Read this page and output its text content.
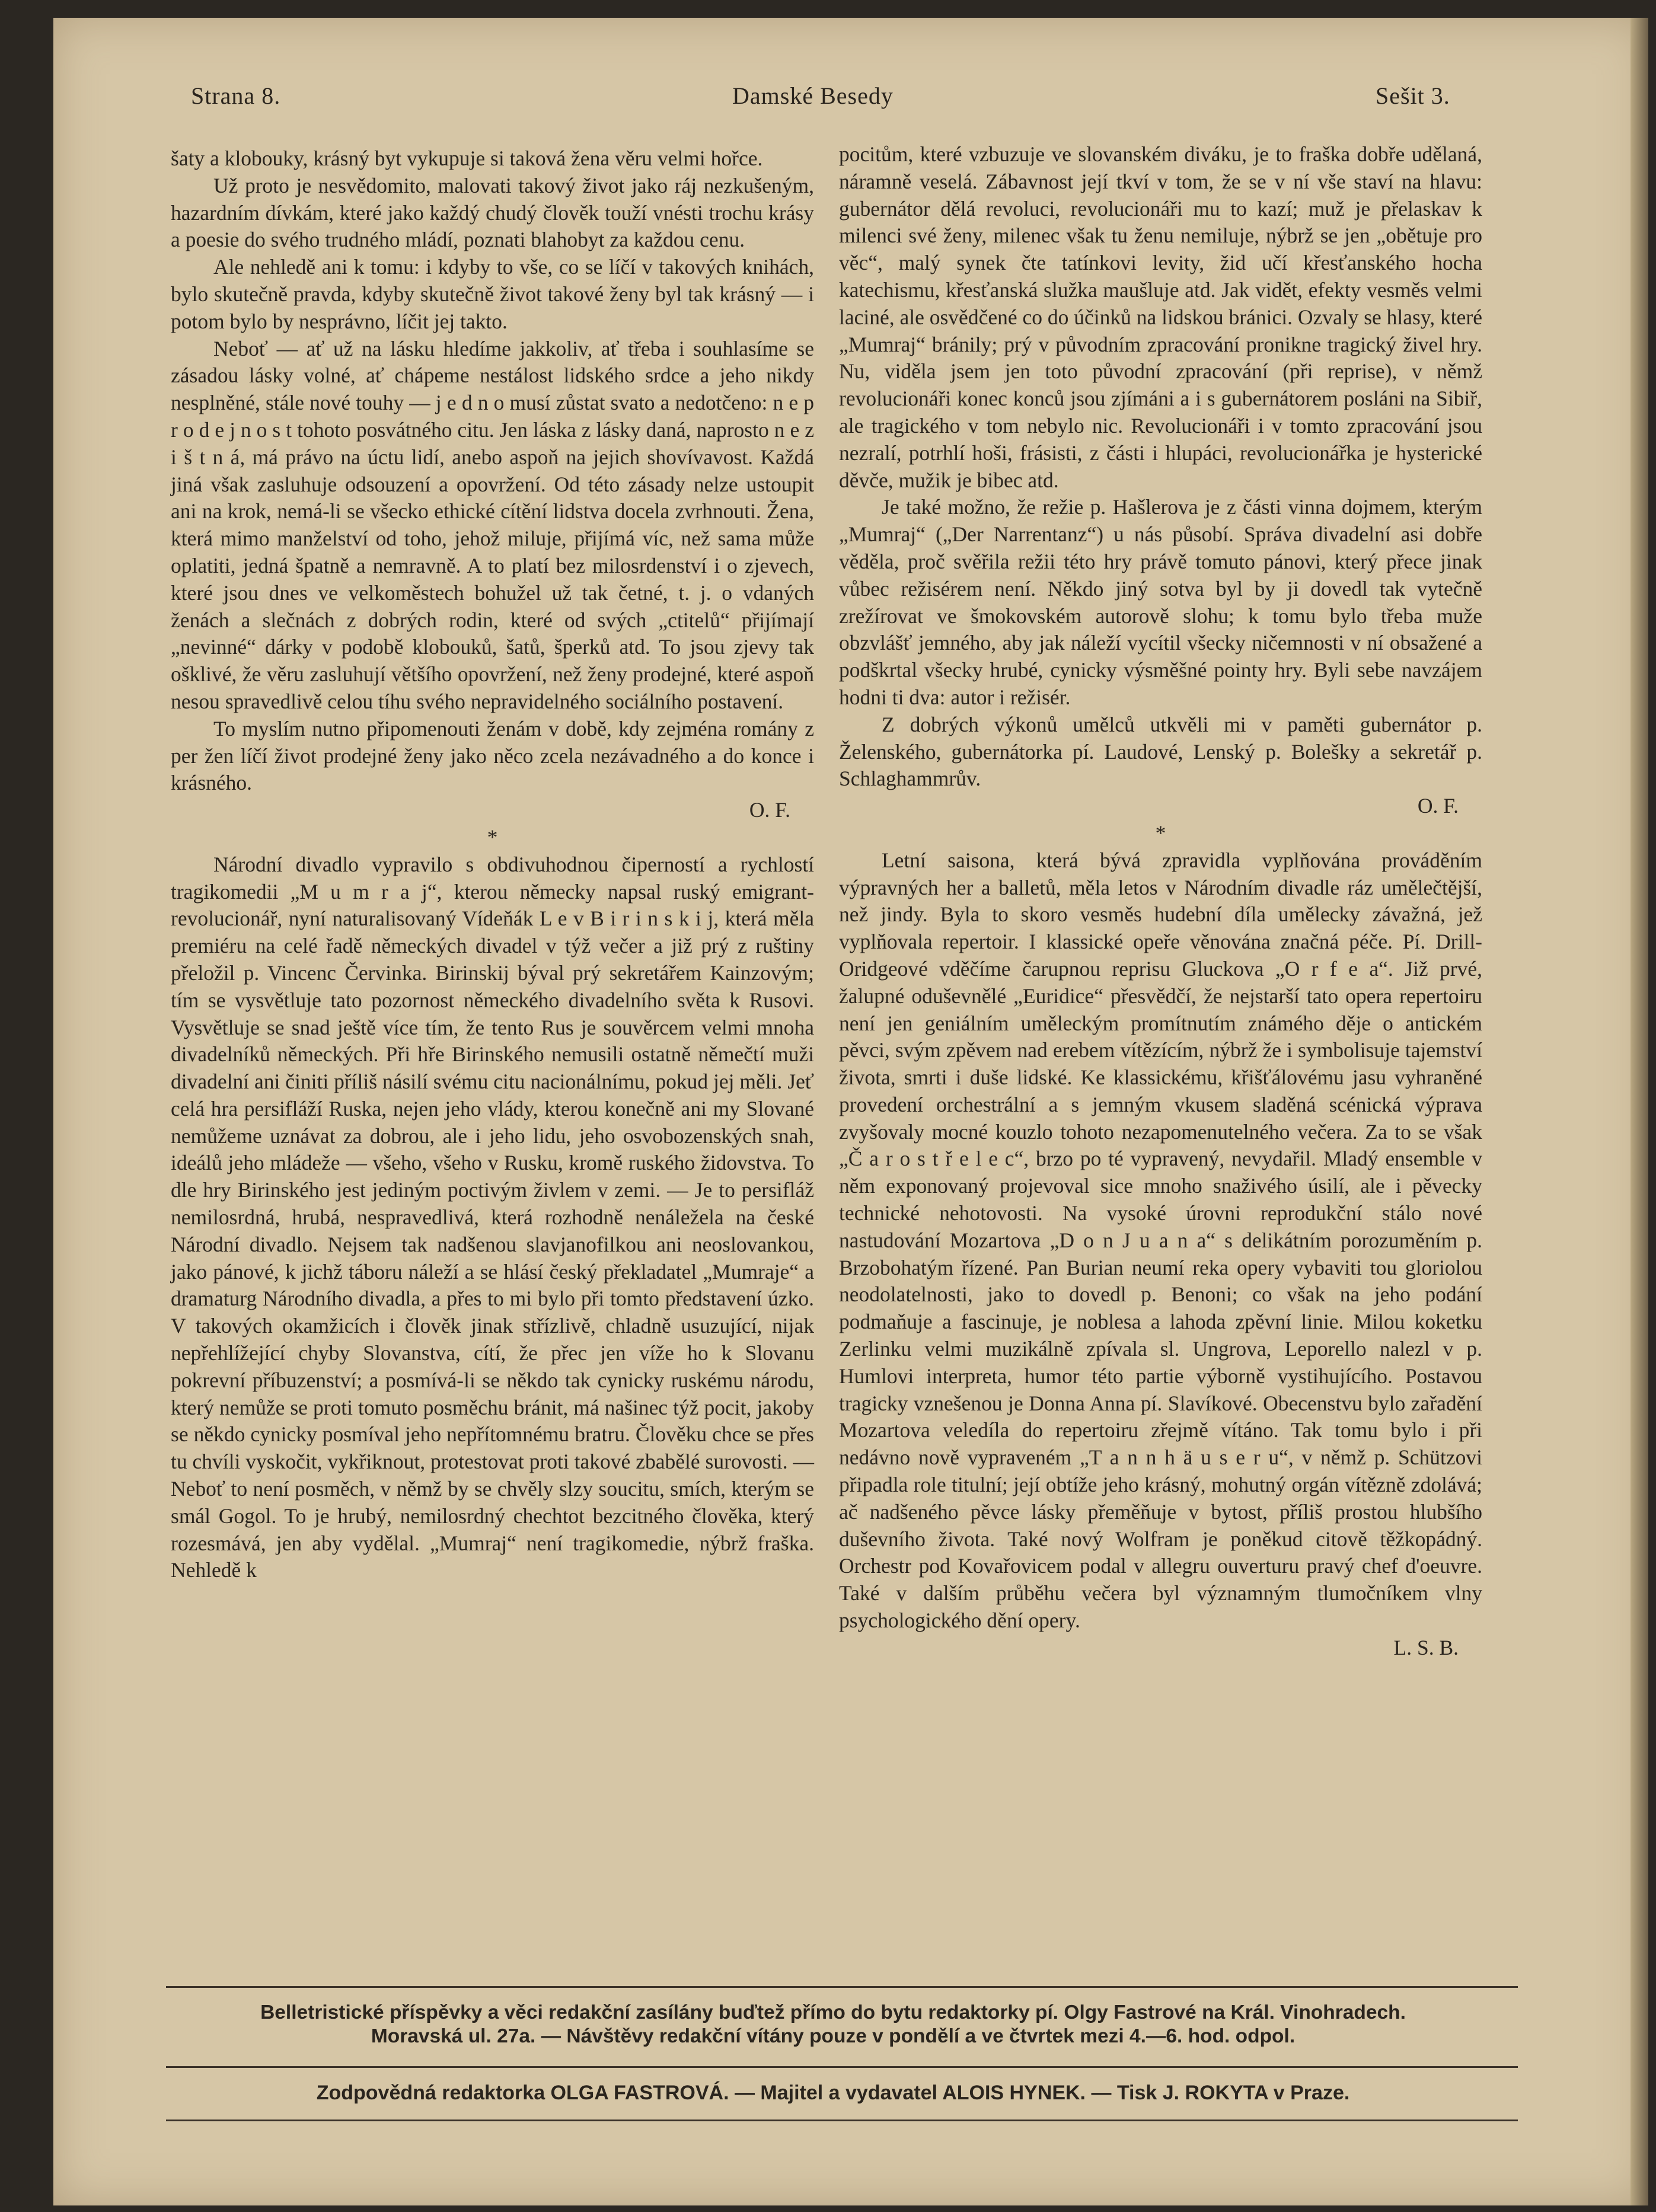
Strana 8.	Damské Besedy	Sešit 3.

šaty a klobouky, krásný byt vykupuje si taková žena věru velmi hořce.

Už proto je nesvědomito, malovati takový život jako ráj nezkušeným, hazardním dívkám, které jako každý chudý člověk touží vnésti trochu krásy a poesie do svého trudného mládí, poznati blahobyt za každou cenu.

Ale nehledě ani k tomu: i kdyby to vše, co se líčí v takových knihách, bylo skutečně pravda, kdyby skutečně život takové ženy byl tak krásný — i potom bylo by nesprávno, líčit jej takto.

Neboť — ať už na lásku hledíme jakkoliv, ať třeba i souhlasíme se zásadou lásky volné, ať chápeme nestálost lidského srdce a jeho nikdy nesplněné, stále nové touhy — j e d n o musí zůstat svato a nedotčeno: n e p r o d e j n o s t tohoto posvátného citu. Jen láska z lásky daná, naprosto n e z i š t n á, má právo na úctu lidí, anebo aspoň na jejich shovívavost. Každá jiná však zasluhuje odsouzení a opovržení. Od této zásady nelze ustoupit ani na krok, nemá-li se všecko ethické cítění lidstva docela zvrhnouti. Žena, která mimo manželství od toho, jehož miluje, přijímá víc, než sama může oplatiti, jedná špatně a nemravně. A to platí bez milosrdenství i o zjevech, které jsou dnes ve velkoměstech bohužel už tak četné, t. j. o vdaných ženách a slečnách z dobrých rodin, které od svých „ctitelů“ přijímají „nevinné“ dárky v podobě klobouků, šatů, šperků atd. To jsou zjevy tak ošklivé, že věru zasluhují většího opovržení, než ženy prodejné, které aspoň nesou spravedlivě celou tíhu svého nepravidelného sociálního postavení.

To myslím nutno připomenouti ženám v době, kdy zejména romány z per žen líčí život prodejné ženy jako něco zcela nezávadného a do konce i krásného.

O. F.

*

Národní divadlo vypravilo s obdivuhodnou čiperností a rychlostí tragikomedii „M u m r a j“, kterou německy napsal ruský emigrant-revolucionář, nyní naturalisovaný Vídeňák L e v B i r i n s k i j, která měla premiéru na celé řadě německých divadel v týž večer a již prý z ruštiny přeložil p. Vincenc Červinka. Birinskij býval prý sekretářem Kainzovým; tím se vysvětluje tato pozornost německého divadelního světa k Rusovi. Vysvětluje se snad ještě více tím, že tento Rus je souvěrcem velmi mnoha divadelníků německých. Při hře Birinského nemusili ostatně němečtí muži divadelní ani činiti příliš násilí svému citu nacionálnímu, pokud jej měli. Jeť celá hra persifláží Ruska, nejen jeho vlády, kterou konečně ani my Slované nemůžeme uznávat za dobrou, ale i jeho lidu, jeho osvobozenských snah, ideálů jeho mládeže — všeho, všeho v Rusku, kromě ruského židovstva. To dle hry Birinského jest jediným poctivým živlem v zemi. — Je to persifláž nemilosrdná, hrubá, nespravedlivá, která rozhodně nenáležela na české Národní divadlo. Nejsem tak nadšenou slavjanofilkou ani neoslovankou, jako pánové, k jichž táboru náleží a se hlásí český překladatel „Mumraje“ a dramaturg Národního divadla, a přes to mi bylo při tomto představení úzko. V takových okamžicích i člověk jinak střízlivě, chladně usuzující, nijak nepřehlížející chyby Slovanstva, cítí, že přec jen víže ho k Slovanu pokrevní příbuzenství; a posmívá-li se někdo tak cynicky ruskému národu, který nemůže se proti tomuto posměchu bránit, má našinec týž pocit, jakoby se někdo cynicky posmíval jeho nepřítomnému bratru. Člověku chce se přes tu chvíli vyskočit, vykřiknout, protestovat proti takové zbabělé surovosti. — Neboť to není posměch, v němž by se chvěly slzy soucitu, smích, kterým se smál Gogol. To je hrubý, nemilosrdný chechtot bezcitného člověka, který rozesmává, jen aby vydělal. „Mumraj“ není tragikomedie, nýbrž fraška. Nehledě k

pocitům, které vzbuzuje ve slovanském diváku, je to fraška dobře udělaná, náramně veselá. Zábavnost její tkví v tom, že se v ní vše staví na hlavu: gubernátor dělá revoluci, revolucionáři mu to kazí; muž je přelaskav k milenci své ženy, milenec však tu ženu nemiluje, nýbrž se jen „obětuje pro věc“, malý synek čte tatínkovi levity, žid učí křesťanského hocha katechismu, křesťanská služka maušluje atd. Jak vidět, efekty vesměs velmi laciné, ale osvědčené co do účinků na lidskou bránici. Ozvaly se hlasy, které „Mumraj“ bránily; prý v původním zpracování pronikne tragický živel hry. Nu, viděla jsem jen toto původní zpracování (při reprise), v němž revolucionáři konec konců jsou zjímáni a i s gubernátorem posláni na Sibiř, ale tragického v tom nebylo nic. Revolucionáři i v tomto zpracování jsou nezralí, potrhlí hoši, frásisti, z části i hlupáci, revolucionářka je hysterické děvče, mužik je bibec atd.

Je také možno, že režie p. Hašlerova je z části vinna dojmem, kterým „Mumraj“ („Der Narrentanz“) u nás působí. Správa divadelní asi dobře věděla, proč svěřila režii této hry právě tomuto pánovi, který přece jinak vůbec režisérem není. Někdo jiný sotva byl by ji dovedl tak vytečně zrežírovat ve šmokovském autorově slohu; k tomu bylo třeba muže obzvlášť jemného, aby jak náleží vycítil všecky ničemnosti v ní obsažené a podškrtal všecky hrubé, cynicky výsměšné pointy hry. Byli sebe navzájem hodni ti dva: autor i režisér.

Z dobrých výkonů umělců utkvěli mi v paměti gubernátor p. Želenského, gubernátorka pí. Laudové, Lenský p. Bolešky a sekretář p. Schlaghammrův.

O. F.

*

Letní saisona, která bývá zpravidla vyplňována prováděním výpravných her a balletů, měla letos v Národním divadle ráz umělečtější, než jindy. Byla to skoro vesměs hudební díla umělecky závažná, jež vyplňovala repertoir. I klassické opeře věnována značná péče. Pí. Drill-Oridgeové vděčíme čarupnou reprisu Gluckova „O r f e a“. Již prvé, žalupné oduševnělé „Euridice“ přesvědčí, že nejstarší tato opera repertoiru není jen geniálním uměleckým promítnutím známého děje o antickém pěvci, svým zpěvem nad erebem vítězícím, nýbrž že i symbolisuje tajemství života, smrti i duše lidské. Ke klassickému, křišťálovému jasu vyhraněné provedení orchestrální a s jemným vkusem sladěná scénická výprava zvyšovaly mocné kouzlo tohoto nezapomenutelného večera. Za to se však „Č a r o s t ř e l e c“, brzo po té vypravený, nevydařil. Mladý ensemble v něm exponovaný projevoval sice mnoho snaživého úsilí, ale i pěvecky technické nehotovosti. Na vysoké úrovni reprodukční stálo nové nastudování Mozartova „D o n J u a n a“ s delikátním porozuměním p. Brzobohatým řízené. Pan Burian neumí reka opery vybaviti tou gloriolou neodolatelnosti, jako to dovedl p. Benoni; co však na jeho podání podmaňuje a fascinuje, je noblesa a lahoda zpěvní linie. Milou koketku Zerlinku velmi muzikálně zpívala sl. Ungrova, Leporello nalezl v p. Humlovi interpreta, humor této partie výborně vystihujícího. Postavou tragicky vznešenou je Donna Anna pí. Slavíkové. Obecenstvu bylo zařadění Mozartova veledíla do repertoiru zřejmě vítáno. Tak tomu bylo i při nedávno nově vypraveném „T a n n h ä u s e r u“, v němž p. Schützovi připadla role titulní; její obtíže jeho krásný, mohutný orgán vítězně zdolává; ač nadšeného pěvce lásky přeměňuje v bytost, příliš prostou hlubšího duševního života. Také nový Wolfram je poněkud citově těžkopádný. Orchestr pod Kovařovicem podal v allegru ouverturu pravý chef d'oeuvre. Také v dalším průběhu večera byl významným tlumočníkem vlny psychologického dění opery.

L. S. B.

Belletristické příspěvky a věci redakční zasílány buďtež přímo do bytu redaktorky pí. Olgy Fastrové na Král. Vinohradech.
Moravská ul. 27a. — Návštěvy redakční vítány pouze v pondělí a ve čtvrtek mezi 4.—6. hod. odpol.
Zodpovědná redaktorka OLGA FASTROVÁ. — Majitel a vydavatel ALOIS HYNEK. — Tisk J. ROKYTA v Praze.
